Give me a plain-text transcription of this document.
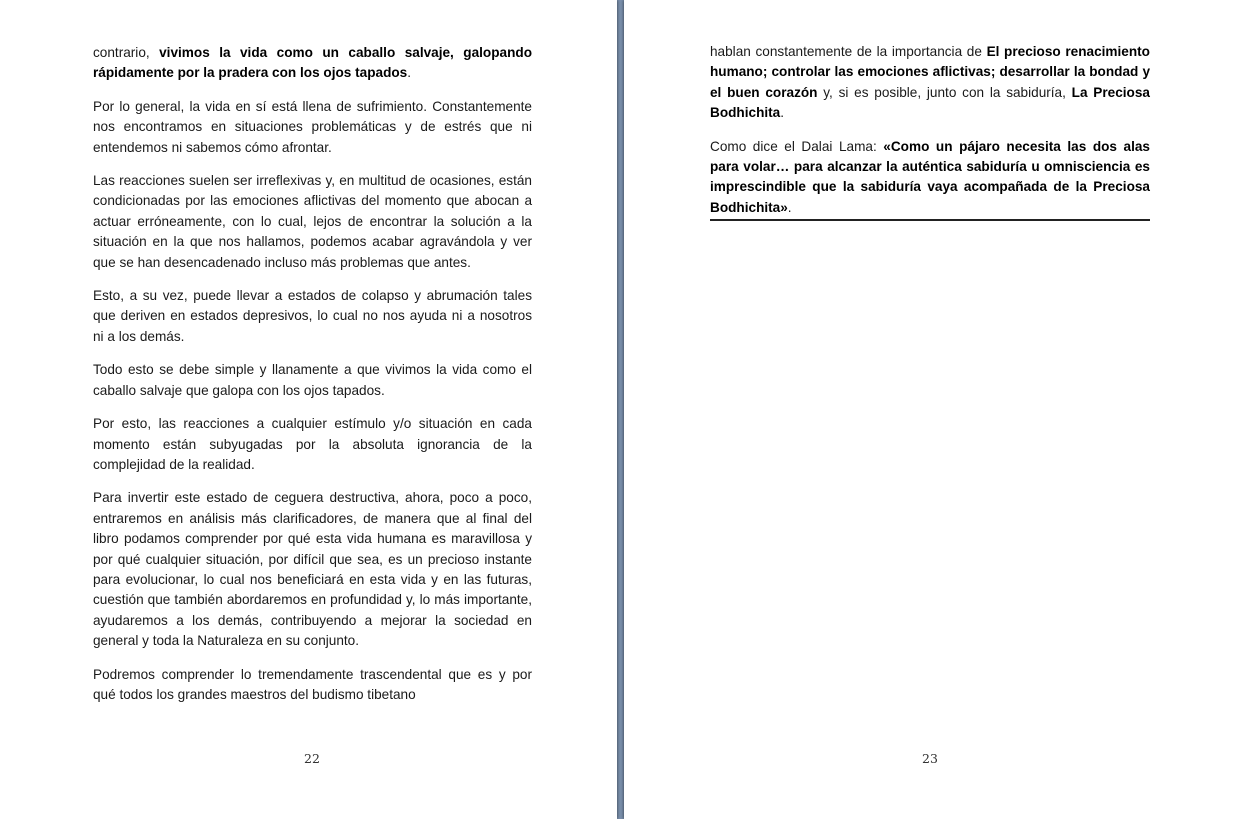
contrario, vivimos la vida como un caballo salvaje, galopando rápidamente por la pradera con los ojos tapados.

Por lo general, la vida en sí está llena de sufrimiento. Constantemente nos encontramos en situaciones problemáticas y de estrés que ni entendemos ni sabemos cómo afrontar.

Las reacciones suelen ser irreflexivas y, en multitud de ocasiones, están condicionadas por las emociones aflictivas del momento que abocan a actuar erróneamente, con lo cual, lejos de encontrar la solución a la situación en la que nos hallamos, podemos acabar agravándola y ver que se han desencadenado incluso más problemas que antes.

Esto, a su vez, puede llevar a estados de colapso y abrumación tales que deriven en estados depresivos, lo cual no nos ayuda ni a nosotros ni a los demás.

Todo esto se debe simple y llanamente a que vivimos la vida como el caballo salvaje que galopa con los ojos tapados.

Por esto, las reacciones a cualquier estímulo y/o situación en cada momento están subyugadas por la absoluta ignorancia de la complejidad de la realidad.

Para invertir este estado de ceguera destructiva, ahora, poco a poco, entraremos en análisis más clarificadores, de manera que al final del libro podamos comprender por qué esta vida humana es maravillosa y por qué cualquier situación, por difícil que sea, es un precioso instante para evolucionar, lo cual nos beneficiará en esta vida y en las futuras, cuestión que también abordaremos en profundidad y, lo más importante, ayudaremos a los demás, contribuyendo a mejorar la sociedad en general y toda la Naturaleza en su conjunto.

Podremos comprender lo tremendamente trascendental que es y por qué todos los grandes maestros del budismo tibetano

22

hablan constantemente de la importancia de El precioso renacimiento humano; controlar las emociones aflictivas; desarrollar la bondad y el buen corazón y, si es posible, junto con la sabiduría, La Preciosa Bodhichita.

Como dice el Dalai Lama: «Como un pájaro necesita las dos alas para volar… para alcanzar la auténtica sabiduría u omnisciencia es imprescindible que la sabiduría vaya acompañada de la Preciosa Bodhichita».

23
